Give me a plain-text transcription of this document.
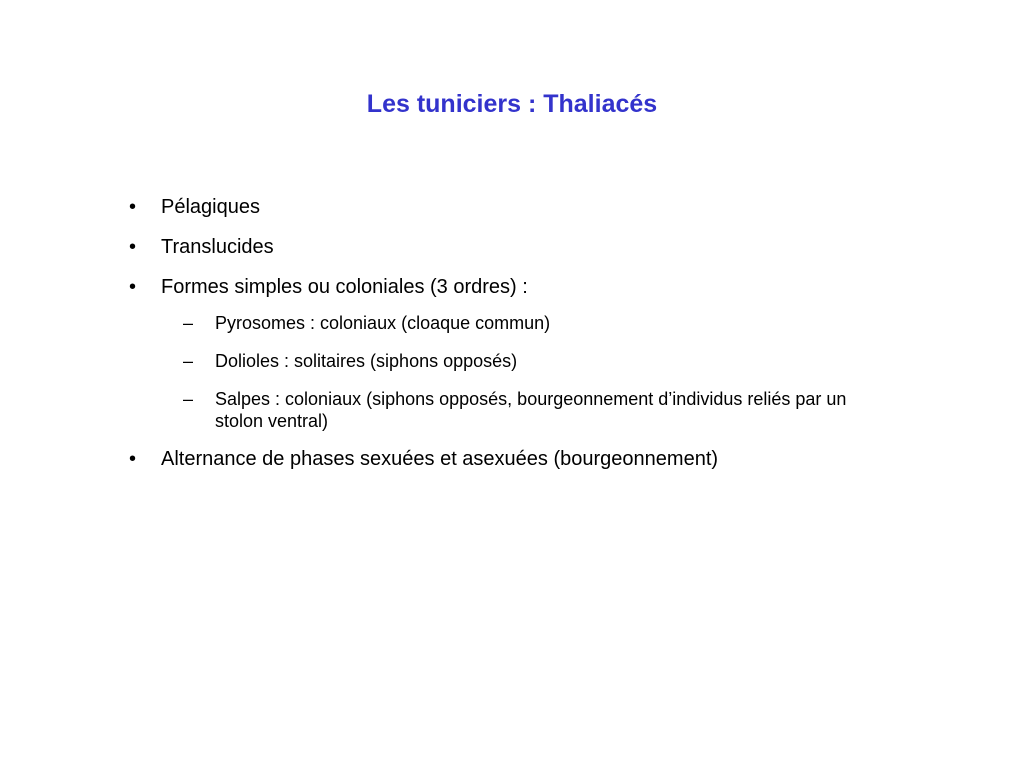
Les tuniciers : Thaliacés
• Pélagiques
• Translucides
• Formes simples ou coloniales (3 ordres) :
– Pyrosomes : coloniaux (cloaque commun)
– Dolioles : solitaires (siphons opposés)
– Salpes : coloniaux (siphons opposés, bourgeonnement d’individus reliés par un stolon ventral)
• Alternance de phases sexuées et asexuées (bourgeonnement)
